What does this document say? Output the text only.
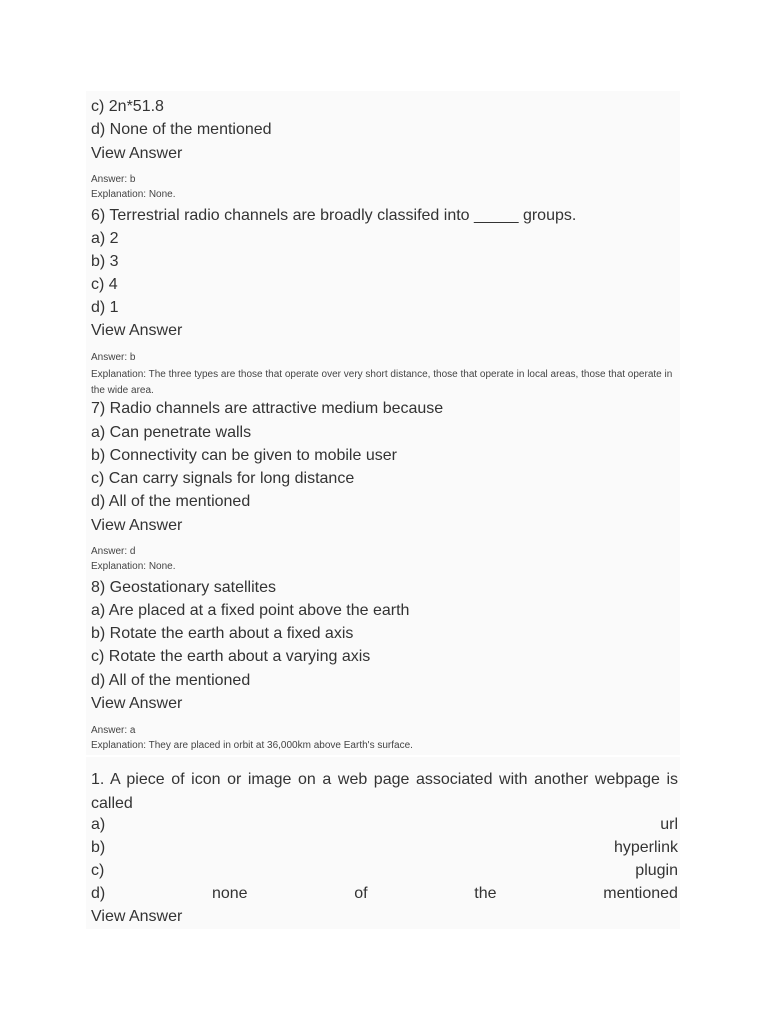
c) 2n*51.8
d) None of the mentioned
View Answer
Answer: b
Explanation: None.
6) Terrestrial radio channels are broadly classifed into _____ groups.
a) 2
b) 3
c) 4
d) 1
View Answer
Answer: b
Explanation: The three types are those that operate over very short distance, those that operate in local areas, those that operate in the wide area.
7) Radio channels are attractive medium because
a) Can penetrate walls
b) Connectivity can be given to mobile user
c) Can carry signals for long distance
d) All of the mentioned
View Answer
Answer: d
Explanation: None.
8) Geostationary satellites
a) Are placed at a fixed point above the earth
b) Rotate the earth about a fixed axis
c) Rotate the earth about a varying axis
d) All of the mentioned
View Answer
Answer: a
Explanation: They are placed in orbit at 36,000km above Earth's surface.
1. A piece of icon or image on a web page associated with another webpage is called
a)	url
b)	hyperlink
c)	plugin
d)	none	of	the	mentioned
View Answer
